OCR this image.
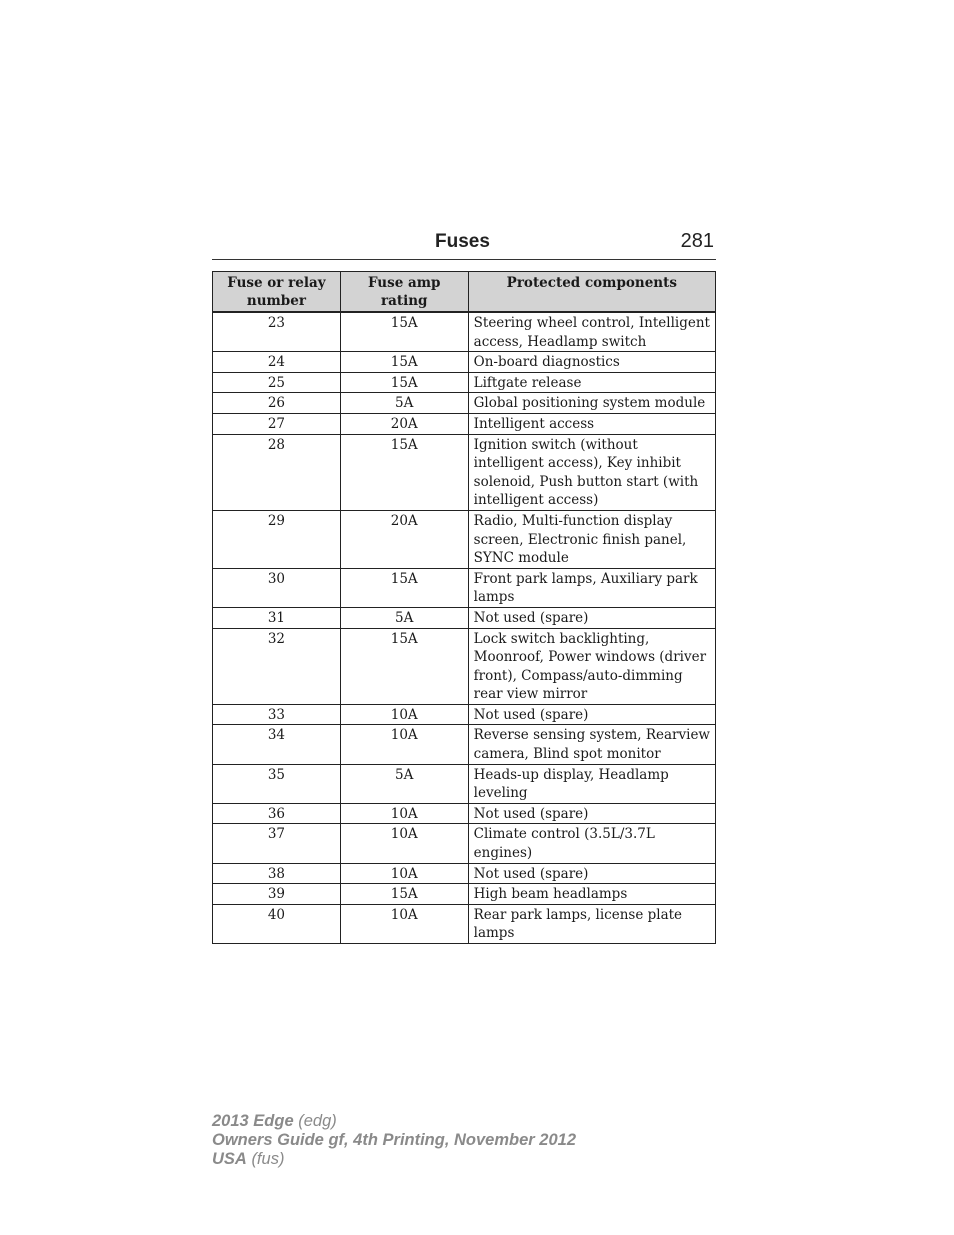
Fuses	281
Fuse or relay number	Fuse amp rating	Protected components
23	15A	Steering wheel control, Intelligent access, Headlamp switch
24	15A	On-board diagnostics
25	15A	Liftgate release
26	5A	Global positioning system module
27	20A	Intelligent access
28	15A	Ignition switch (without intelligent access), Key inhibit solenoid, Push button start (with intelligent access)
29	20A	Radio, Multi-function display screen, Electronic finish panel, SYNC module
30	15A	Front park lamps, Auxiliary park lamps
31	5A	Not used (spare)
32	15A	Lock switch backlighting, Moonroof, Power windows (driver front), Compass/auto-dimming rear view mirror
33	10A	Not used (spare)
34	10A	Reverse sensing system, Rearview camera, Blind spot monitor
35	5A	Heads-up display, Headlamp leveling
36	10A	Not used (spare)
37	10A	Climate control (3.5L/3.7L engines)
38	10A	Not used (spare)
39	15A	High beam headlamps
40	10A	Rear park lamps, license plate lamps
2013 Edge (edg)
Owners Guide gf, 4th Printing, November 2012
USA (fus)
